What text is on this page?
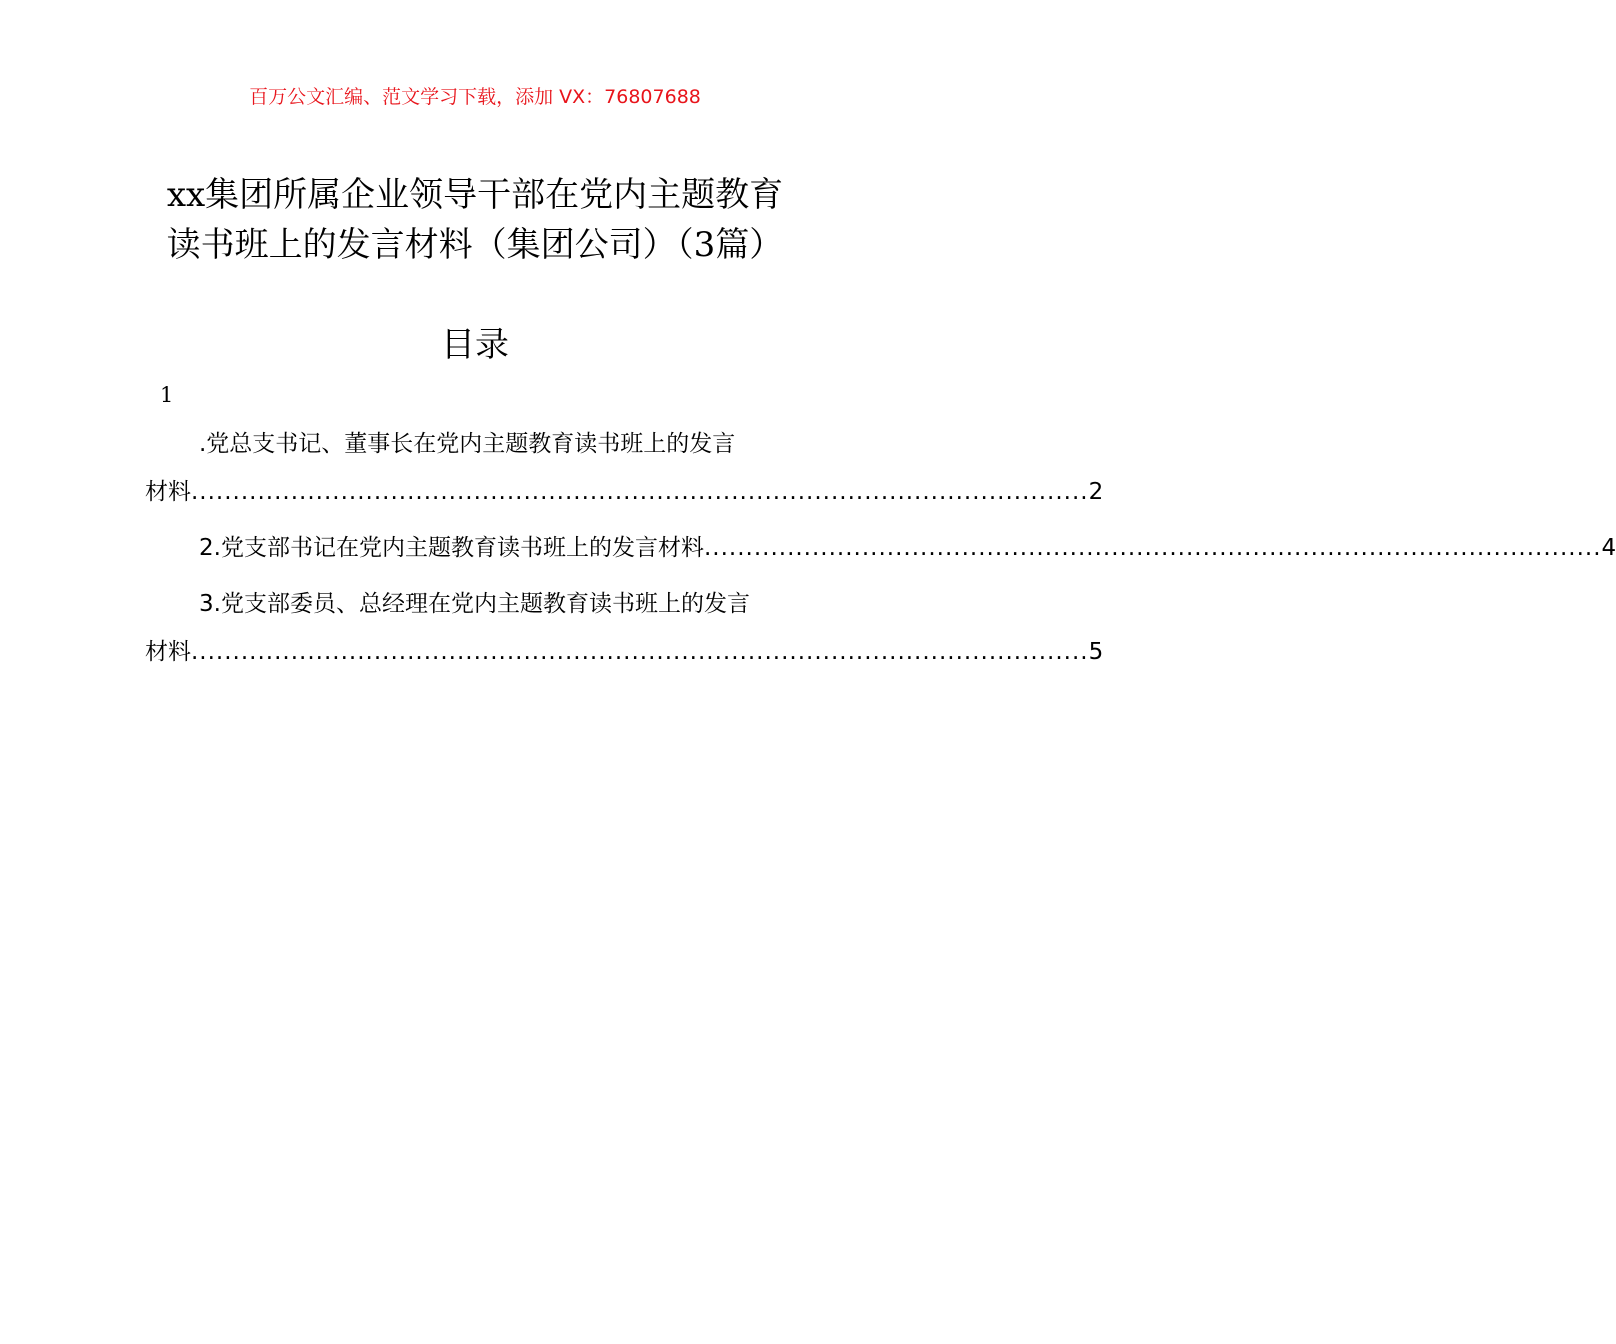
百万公文汇编、范文学习下载，添加 VX：76807688
xx集团所属企业领导干部在党内主题教育
读书班上的发言材料（集团公司）（3篇）
目录
1
.党总支书记、董事长在党内主题教育读书班上的发言
材料 ............................................................................................................ 2
2.党支部书记在党内主题教育读书班上的发言材料 ............................................................................................................ 4
3.党支部委员、总经理在党内主题教育读书班上的发言
材料 ............................................................................................................ 5
